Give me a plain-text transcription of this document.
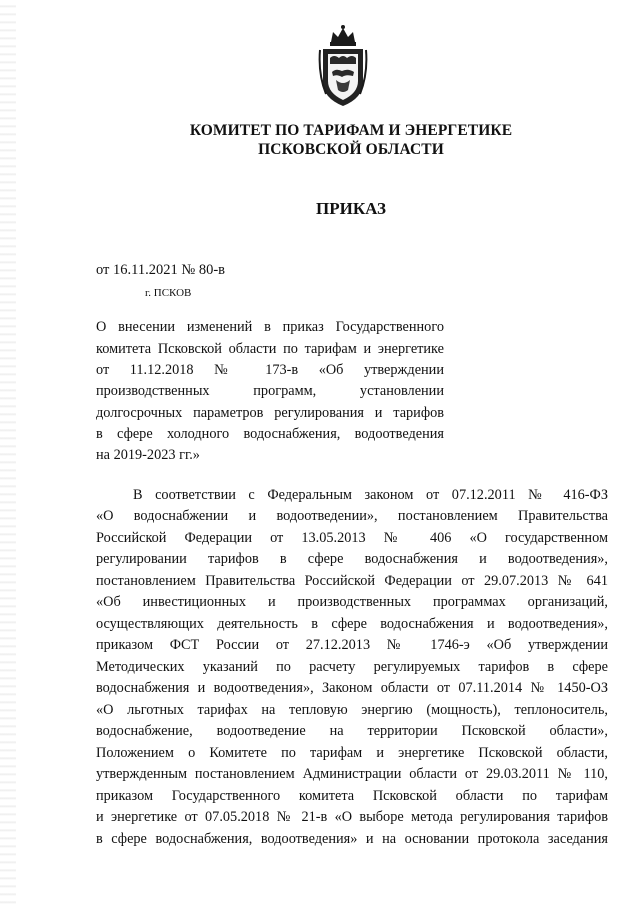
КОМИТЕТ ПО ТАРИФАМ И ЭНЕРГЕТИКЕ
ПСКОВСКОЙ ОБЛАСТИ
ПРИКАЗ
от 16.11.2021 № 80-в
г. ПСКОВ
О внесении изменений в приказ Государственного
комитета Псковской области по тарифам и энергетике
от 11.12.2018 № 173-в «Об утверждении
производственных программ, установлении
долгосрочных параметров регулирования и тарифов
в сфере холодного водоснабжения, водоотведения
на 2019-2023 гг.»
В соответствии с Федеральным законом от 07.12.2011 № 416-ФЗ
«О водоснабжении и водоотведении», постановлением Правительства
Российской Федерации от 13.05.2013 № 406 «О государственном
регулировании тарифов в сфере водоснабжения и водоотведения»,
постановлением Правительства Российской Федерации от 29.07.2013 № 641
«Об инвестиционных и производственных программах организаций,
осуществляющих деятельность в сфере водоснабжения и водоотведения»,
приказом ФСТ России от 27.12.2013 № 1746-э «Об утверждении
Методических указаний по расчету регулируемых тарифов в сфере
водоснабжения и водоотведения», Законом области от 07.11.2014 № 1450-ОЗ
«О льготных тарифах на тепловую энергию (мощность), теплоноситель,
водоснабжение, водоотведение на территории Псковской области»,
Положением о Комитете по тарифам и энергетике Псковской области,
утвержденным постановлением Администрации области от 29.03.2011 № 110,
приказом Государственного комитета Псковской области по тарифам
и энергетике от 07.05.2018 № 21-в «О выборе метода регулирования тарифов
в сфере водоснабжения, водоотведения» и на основании протокола заседания
